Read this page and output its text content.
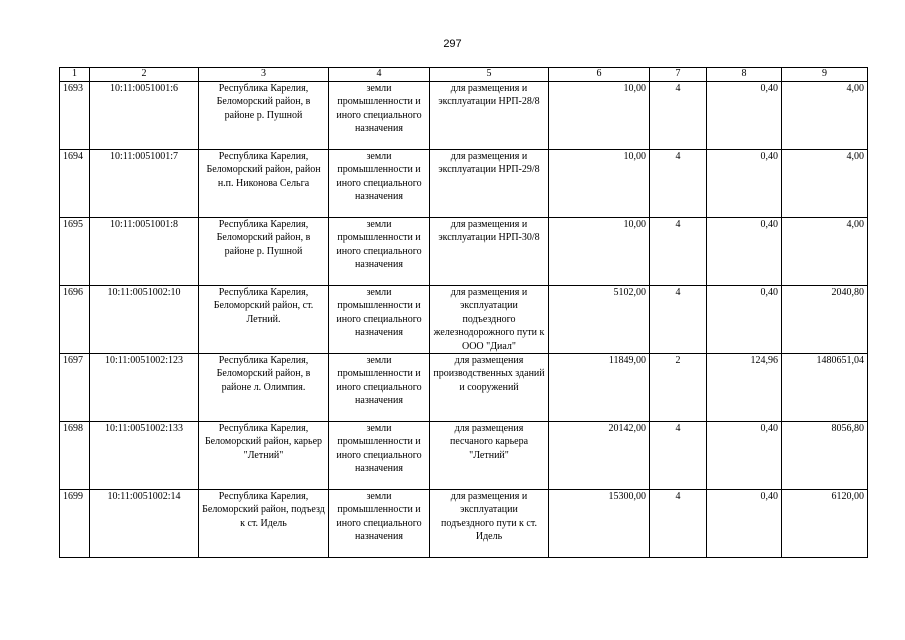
297
1	2	3	4	5	6	7	8	9
1693	10:11:0051001:6	Республика Карелия, Беломорский район, в районе р. Пушной	земли промышленности и иного специального назначения	для размещения и эксплуатации НРП-28/8	10,00	4	0,40	4,00
1694	10:11:0051001:7	Республика Карелия, Беломорский район, район н.п. Никонова Сельга	земли промышленности и иного специального назначения	для размещения и эксплуатации НРП-29/8	10,00	4	0,40	4,00
1695	10:11:0051001:8	Республика Карелия, Беломорский район, в районе р. Пушной	земли промышленности и иного специального назначения	для размещения и эксплуатации НРП-30/8	10,00	4	0,40	4,00
1696	10:11:0051002:10	Республика Карелия, Беломорский район, ст. Летний.	земли промышленности и иного специального назначения	для размещения и эксплуатации подъездного железнодорожного пути к ООО "Диал"	5102,00	4	0,40	2040,80
1697	10:11:0051002:123	Республика Карелия, Беломорский район, в районе л. Олимпия.	земли промышленности и иного специального назначения	для размещения производственных зданий и сооружений	11849,00	2	124,96	1480651,04
1698	10:11:0051002:133	Республика Карелия, Беломорский район, карьер "Летний"	земли промышленности и иного специального назначения	для размещения песчаного карьера "Летний"	20142,00	4	0,40	8056,80
1699	10:11:0051002:14	Республика Карелия, Беломорский район, подъезд к ст. Идель	земли промышленности и иного специального назначения	для размещения и эксплуатации подъездного пути к ст. Идель	15300,00	4	0,40	6120,00
